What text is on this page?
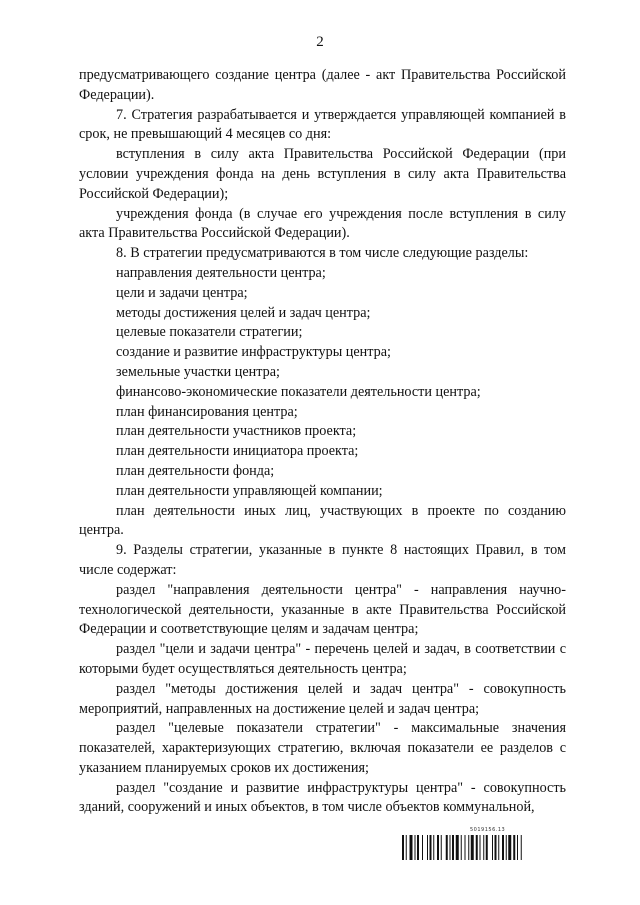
2

предусматривающего создание центра (далее - акт Правительства Российской Федерации).

7. Стратегия разрабатывается и утверждается управляющей компанией в срок, не превышающий 4 месяцев со дня:

вступления в силу акта Правительства Российской Федерации (при условии учреждения фонда на день вступления в силу акта Правительства Российской Федерации);

учреждения фонда (в случае его учреждения после вступления в силу акта Правительства Российской Федерации).

8. В стратегии предусматриваются в том числе следующие разделы:

направления деятельности центра;

цели и задачи центра;

методы достижения целей и задач центра;

целевые показатели стратегии;

создание и развитие инфраструктуры центра;

земельные участки центра;

финансово-экономические показатели деятельности центра;

план финансирования центра;

план деятельности участников проекта;

план деятельности инициатора проекта;

план деятельности фонда;

план деятельности управляющей компании;

план деятельности иных лиц, участвующих в проекте по созданию центра.

9. Разделы стратегии, указанные в пункте 8 настоящих Правил, в том числе содержат:

раздел "направления деятельности центра" - направления научно-технологической деятельности, указанные в акте Правительства Российской Федерации и соответствующие целям и задачам центра;

раздел "цели и задачи центра" - перечень целей и задач, в соответствии с которыми будет осуществляться деятельность центра;

раздел "методы достижения целей и задач центра" - совокупность мероприятий, направленных на достижение целей и задач центра;

раздел "целевые показатели стратегии" - максимальные значения показателей, характеризующих стратегию, включая показатели ее разделов с указанием планируемых сроков их достижения;

раздел "создание и развитие инфраструктуры центра" - совокупность зданий, сооружений и иных объектов, в том числе объектов коммунальной,

5019156.13
